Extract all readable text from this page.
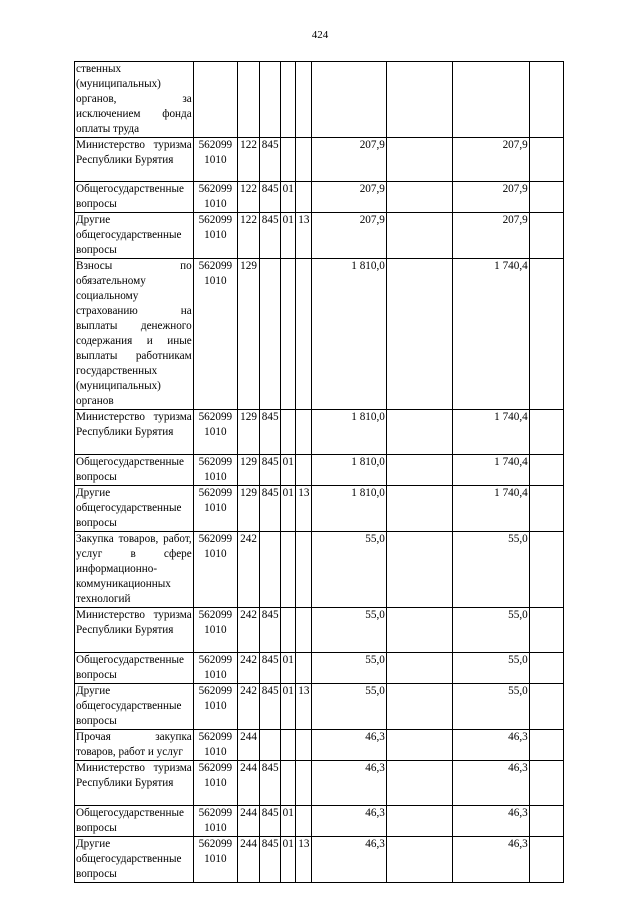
424
ственных (муниципальных) органов, за исключением фонда оплаты труда									
Министерство туризма Республики Бурятия	562099 1010	122	845			207,9		207,9	
Общегосударственные вопросы	562099 1010	122	845	01		207,9		207,9	
Другие общегосударственные вопросы	562099 1010	122	845	01	13	207,9		207,9	
Взносы по обязательному социальному страхованию на выплаты денежного содержания и иные выплаты работникам государственных (муниципальных) органов	562099 1010	129				1 810,0		1 740,4	
Министерство туризма Республики Бурятия	562099 1010	129	845			1 810,0		1 740,4	
Общегосударственные вопросы	562099 1010	129	845	01		1 810,0		1 740,4	
Другие общегосударственные вопросы	562099 1010	129	845	01	13	1 810,0		1 740,4	
Закупка товаров, работ, услуг в сфере информационно-коммуникационных технологий	562099 1010	242				55,0		55,0	
Министерство туризма Республики Бурятия	562099 1010	242	845			55,0		55,0	
Общегосударственные вопросы	562099 1010	242	845	01		55,0		55,0	
Другие общегосударственные вопросы	562099 1010	242	845	01	13	55,0		55,0	
Прочая закупка товаров, работ и услуг	562099 1010	244				46,3		46,3	
Министерство туризма Республики Бурятия	562099 1010	244	845			46,3		46,3	
Общегосударственные вопросы	562099 1010	244	845	01		46,3		46,3	
Другие общегосударственные вопросы	562099 1010	244	845	01	13	46,3		46,3	
